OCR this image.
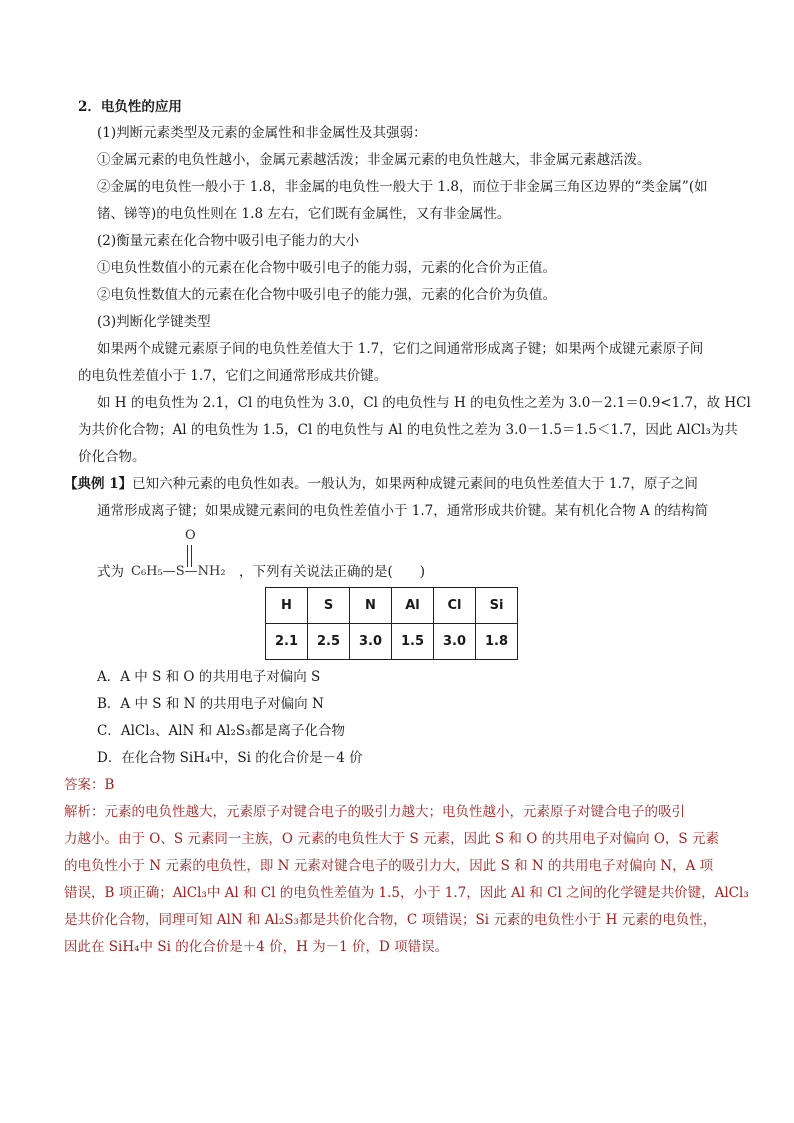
2．电负性的应用
(1)判断元素类型及元素的金属性和非金属性及其强弱：
①金属元素的电负性越小，金属元素越活泼；非金属元素的电负性越大，非金属元素越活泼。
②金属的电负性一般小于 1.8，非金属的电负性一般大于 1.8，而位于非金属三角区边界的“类金属”(如
锗、锑等)的电负性则在 1.8 左右，它们既有金属性，又有非金属性。
(2)衡量元素在化合物中吸引电子能力的大小
①电负性数值小的元素在化合物中吸引电子的能力弱，元素的化合价为正值。
②电负性数值大的元素在化合物中吸引电子的能力强，元素的化合价为负值。
(3)判断化学键类型
如果两个成键元素原子间的电负性差值大于 1.7，它们之间通常形成离子键；如果两个成键元素原子间
的电负性差值小于 1.7，它们之间通常形成共价键。
如 H 的电负性为 2.1，Cl 的电负性为 3.0，Cl 的电负性与 H 的电负性之差为 3.0－2.1＝0.9<1.7，故 HCl
为共价化合物；Al 的电负性为 1.5，Cl 的电负性与 Al 的电负性之差为 3.0－1.5＝1.5＜1.7，因此 AlCl₃为共
价化合物。
【典例 1】已知六种元素的电负性如表。一般认为，如果两种成键元素间的电负性差值大于 1.7，原子之间
通常形成离子键；如果成键元素间的电负性差值小于 1.7，通常形成共价键。某有机化合物 A 的结构简
式为
O
C₆H₅—S—NH₂ ，下列有关说法正确的是(　　)
H	S	N	Al	Cl	Si
2.1	2.5	3.0	1.5	3.0	1.8
A．A 中 S 和 O 的共用电子对偏向 S
B．A 中 S 和 N 的共用电子对偏向 N
C．AlCl₃、AlN 和 Al₂S₃都是离子化合物
D．在化合物 SiH₄中，Si 的化合价是－4 价
答案：B
解析：元素的电负性越大，元素原子对键合电子的吸引力越大；电负性越小，元素原子对键合电子的吸引
力越小。由于 O、S 元素同一主族，O 元素的电负性大于 S 元素，因此 S 和 O 的共用电子对偏向 O，S 元素
的电负性小于 N 元素的电负性，即 N 元素对键合电子的吸引力大，因此 S 和 N 的共用电子对偏向 N，A 项
错误，B 项正确；AlCl₃中 Al 和 Cl 的电负性差值为 1.5，小于 1.7，因此 Al 和 Cl 之间的化学键是共价键，AlCl₃
是共价化合物，同理可知 AlN 和 Al₂S₃都是共价化合物，C 项错误；Si 元素的电负性小于 H 元素的电负性，
因此在 SiH₄中 Si 的化合价是＋4 价，H 为－1 价，D 项错误。
